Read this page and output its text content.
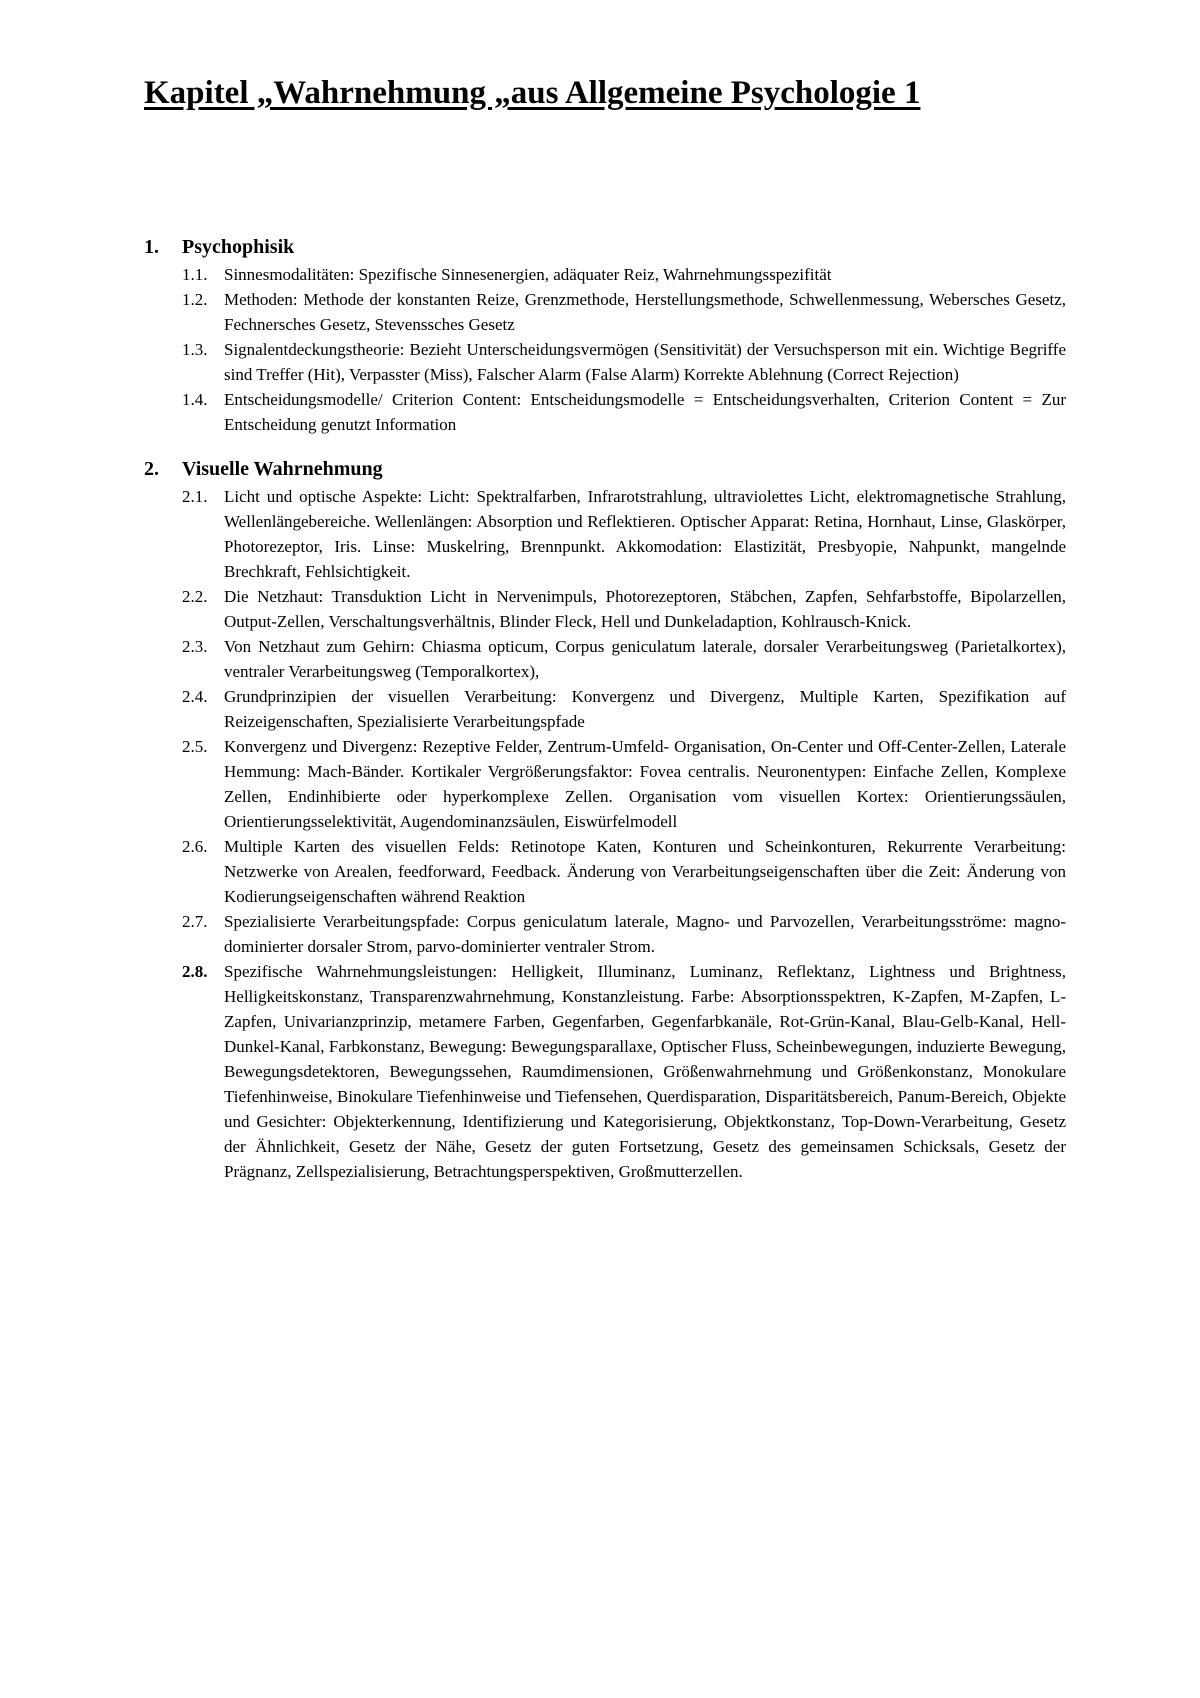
Kapitel „Wahrnehmung „aus Allgemeine Psychologie 1
1.	Psychophisik
1.1. Sinnesmodalitäten: Spezifische Sinnesenergien, adäquater Reiz, Wahrnehmungsspezifität
1.2. Methoden: Methode der konstanten Reize, Grenzmethode, Herstellungsmethode, Schwellenmessung, Webersches Gesetz, Fechnersches Gesetz, Stevenssches Gesetz
1.3. Signalentdeckungstheorie: Bezieht Unterscheidungsvermögen (Sensitivität) der Versuchsperson mit ein. Wichtige Begriffe sind Treffer (Hit), Verpasster (Miss), Falscher Alarm (False Alarm) Korrekte Ablehnung (Correct Rejection)
1.4. Entscheidungsmodelle/ Criterion Content: Entscheidungsmodelle = Entscheidungsverhalten, Criterion Content = Zur Entscheidung genutzt Information
2.	Visuelle Wahrnehmung
2.1. Licht und optische Aspekte: Licht: Spektralfarben, Infrarotstrahlung, ultraviolettes Licht, elektromagnetische Strahlung, Wellenlängebereiche. Wellenlängen: Absorption und Reflektieren. Optischer Apparat: Retina, Hornhaut, Linse, Glaskörper, Photorezeptor, Iris. Linse: Muskelring, Brennpunkt. Akkomodation: Elastizität, Presbyopie, Nahpunkt, mangelnde Brechkraft, Fehlsichtigkeit.
2.2. Die Netzhaut: Transduktion Licht in Nervenimpuls, Photorezeptoren, Stäbchen, Zapfen, Sehfarbstoffe, Bipolarzellen, Output-Zellen, Verschaltungsverhältnis, Blinder Fleck, Hell und Dunkeladaption, Kohlrausch-Knick.
2.3. Von Netzhaut zum Gehirn: Chiasma opticum, Corpus geniculatum laterale, dorsaler Verarbeitungsweg (Parietalkortex), ventraler Verarbeitungsweg (Temporalkortex),
2.4. Grundprinzipien der visuellen Verarbeitung: Konvergenz und Divergenz, Multiple Karten, Spezifikation auf Reizeigenschaften, Spezialisierte Verarbeitungspfade
2.5. Konvergenz und Divergenz: Rezeptive Felder, Zentrum-Umfeld- Organisation, On-Center und Off-Center-Zellen, Laterale Hemmung: Mach-Bänder. Kortikaler Vergrößerungsfaktor: Fovea centralis. Neuronentypen: Einfache Zellen, Komplexe Zellen, Endinhibierte oder hyperkomplexe Zellen. Organisation vom visuellen Kortex: Orientierungssäulen, Orientierungsselektivität, Augendominanzsäulen, Eiswürfelmodell
2.6. Multiple Karten des visuellen Felds: Retinotope Katen, Konturen und Scheinkonturen, Rekurrente Verarbeitung: Netzwerke von Arealen, feedforward, Feedback. Änderung von Verarbeitungseigenschaften über die Zeit: Änderung von Kodierungseigenschaften während Reaktion
2.7. Spezialisierte Verarbeitungspfade: Corpus geniculatum laterale, Magno- und Parvozellen, Verarbeitungsströme: magno-dominierter dorsaler Strom, parvo-dominierter ventraler Strom.
2.8. Spezifische Wahrnehmungsleistungen: Helligkeit, Illuminanz, Luminanz, Reflektanz, Lightness und Brightness, Helligkeitskonstanz, Transparenzwahrnehmung, Konstanzleistung. Farbe: Absorptionsspektren, K-Zapfen, M-Zapfen, L-Zapfen, Univarianzprinzip, metamere Farben, Gegenfarben, Gegenfarbkanäle, Rot-Grün-Kanal, Blau-Gelb-Kanal, Hell-Dunkel-Kanal, Farbkonstanz, Bewegung: Bewegungsparallaxe, Optischer Fluss, Scheinbewegungen, induzierte Bewegung, Bewegungsdetektoren, Bewegungssehen, Raumdimensionen, Größenwahrnehmung und Größenkonstanz, Monokulare Tiefenhinweise, Binokulare Tiefenhinweise und Tiefensehen, Querdisparation, Disparitätsbereich, Panum-Bereich, Objekte und Gesichter: Objekterkennung, Identifizierung und Kategorisierung, Objektkonstanz, Top-Down-Verarbeitung, Gesetz der Ähnlichkeit, Gesetz der Nähe, Gesetz der guten Fortsetzung, Gesetz des gemeinsamen Schicksals, Gesetz der Prägnanz, Zellspezialisierung, Betrachtungsperspektiven, Großmutterzellen.
